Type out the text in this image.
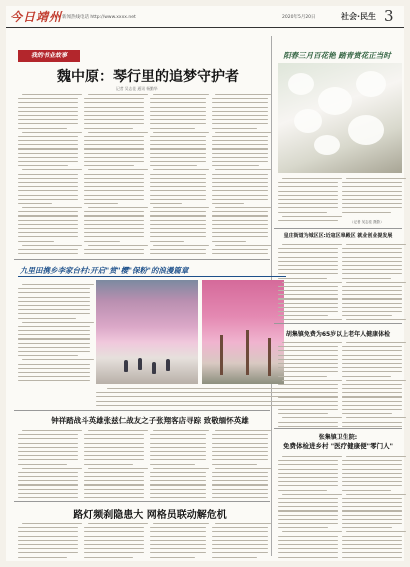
今日靖州 新闻热线电话 http://www.xxxx.net	2020年5月20日	社会·民生 3
我的书业故事
魏中原：琴行里的追梦守护者
记者 吴志佳 通讯 杨勤华
九里田携乡李家台村:开启"赏"樱"保粉"的浪漫篇章
钟祥踏战斗英雄张兹仁战友之子张翔客店寻踪 致敬缅怀英雄
路灯频刹隐患大 网格员联动解危机
阳春三月百花艳 踏青赏花正当时
（记者 吴志佳 摄影）
皇庄街道为城区区:近寇区皋殿区 就业创业提发展
胡集镇免费为65岁以上老年人健康体检
张集镇卫生院:
免费体检进乡村 "医疗健康便"零门人"
